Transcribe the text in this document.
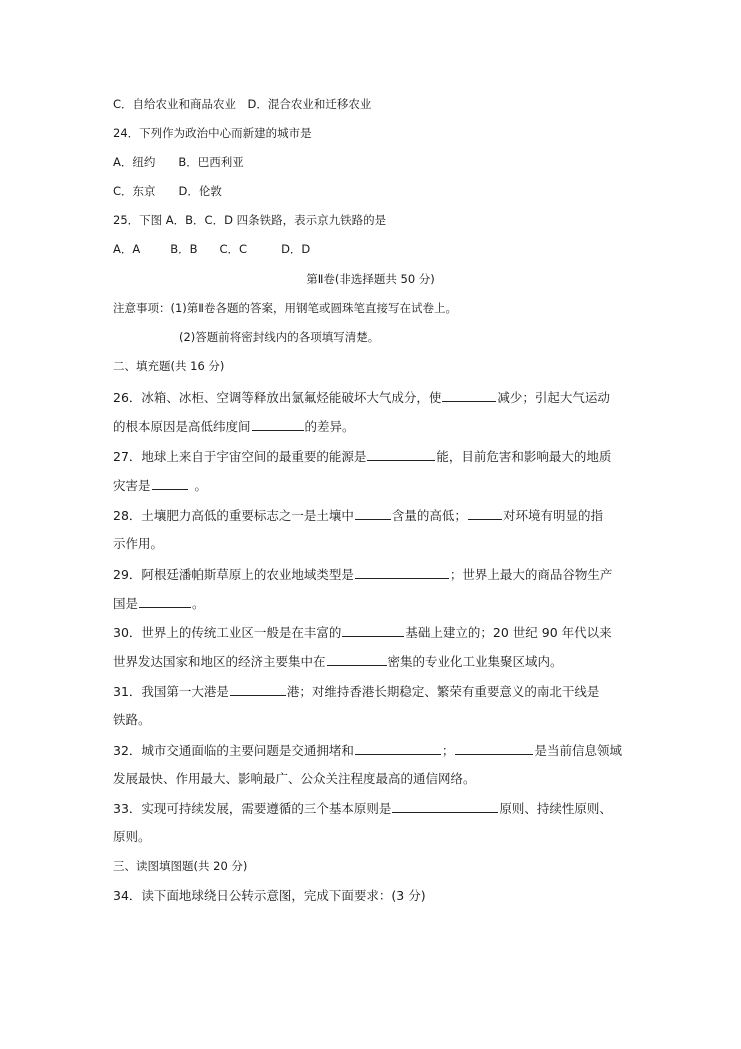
C．自给农业和商品农业　D．混合农业和迁移农业
24．下列作为政治中心而新建的城市是
A．纽约　　B．巴西利亚
C．东京　　D．伦敦
25．下图 A．B．C．D 四条铁路，表示京九铁路的是
A．A	B．B C．C	D．D
第Ⅱ卷(非选择题共 50 分)
注意事项：(1)第Ⅱ卷各题的答案，用钢笔或圆珠笔直接写在试卷上。
(2)答题前将密封线内的各项填写清楚。
二、填充题(共 16 分)
26．冰箱、冰柜、空调等释放出氯氟烃能破坏大气成分，使	减少；引起大气运动
的根本原因是高低纬度间	的差异。
27．地球上来自于宇宙空间的最重要的能源是	能，目前危害和影响最大的地质
灾害是	。
28．土壤肥力高低的重要标志之一是土壤中	含量的高低；	对环境有明显的指
示作用。
29．阿根廷潘帕斯草原上的农业地域类型是	；世界上最大的商品谷物生产
国是	。
30．世界上的传统工业区一般是在丰富的	基础上建立的；20 世纪 90 年代以来
世界发达国家和地区的经济主要集中在	密集的专业化工业集聚区域内。
31．我国第一大港是	港；对维持香港长期稳定、繁荣有重要意义的南北干线是
铁路。
32．城市交通面临的主要问题是交通拥堵和	；	是当前信息领域
发展最快、作用最大、影响最广、公众关注程度最高的通信网络。
33．实现可持续发展，需要遵循的三个基本原则是	原则、持续性原则、
原则。
三、读图填图题(共 20 分)
34．读下面地球绕日公转示意图，完成下面要求：(3 分)
